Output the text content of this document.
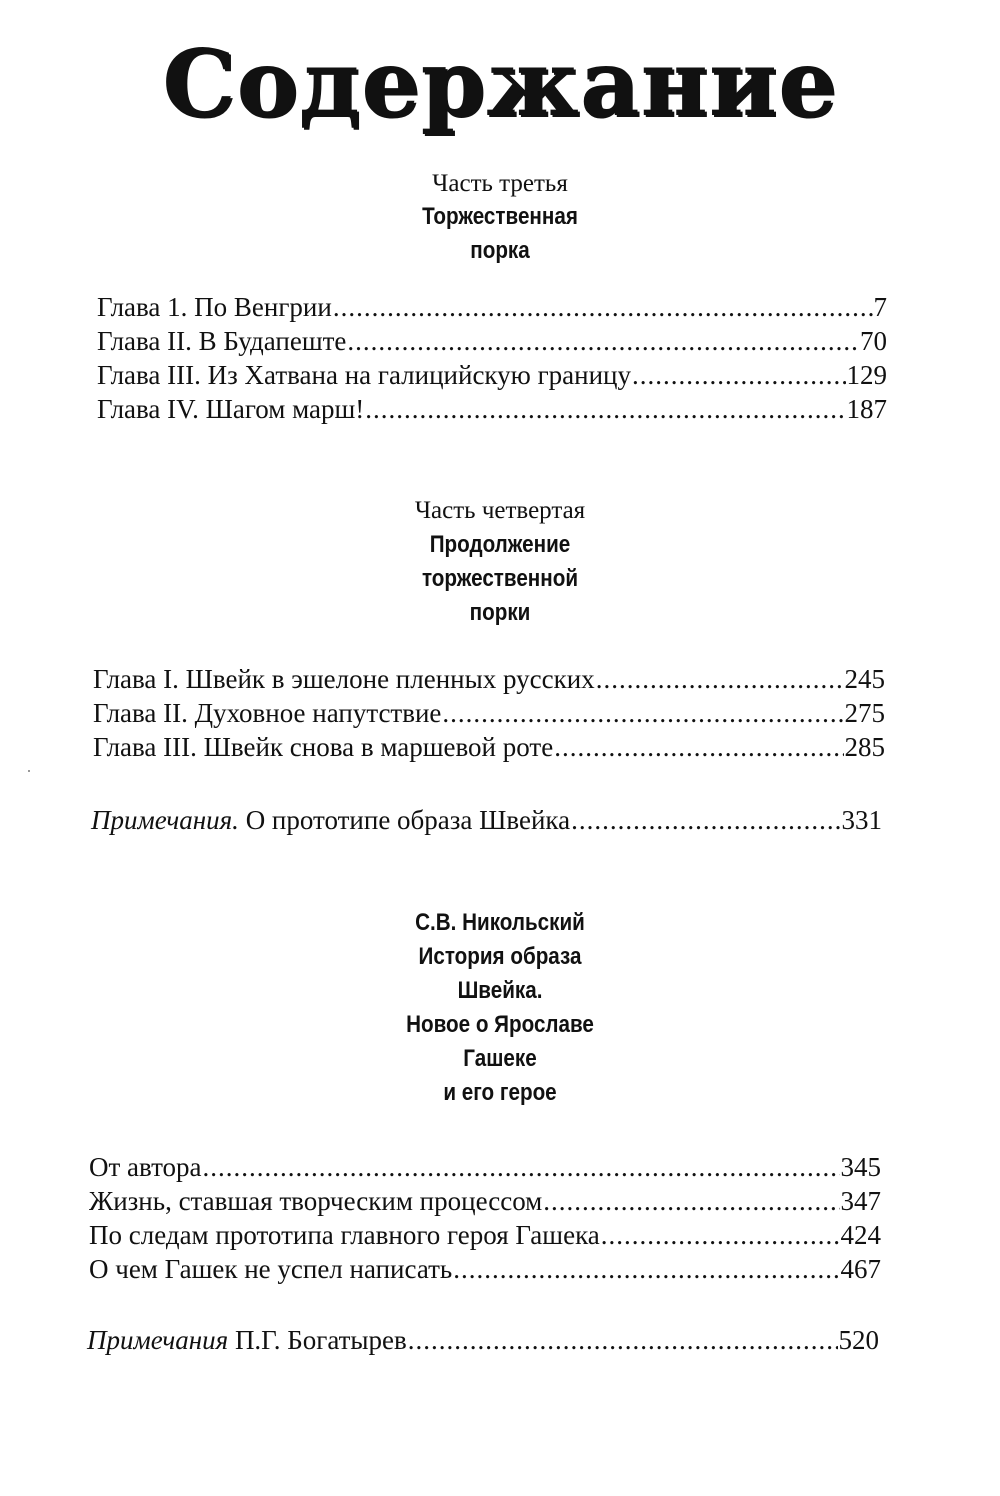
Содержание
Часть третья
Торжественная
порка
Глава 1. По Венгрии .....	7
Глава II. В Будапеште .....	70
Глава III. Из Хатвана на галицийскую границу .....	129
Глава IV. Шагом марш! .....	187
Часть четвертая
Продолжение
торжественной
порки
Глава I. Швейк в эшелоне пленных русских .....	245
Глава II. Духовное напутствие .....	275
Глава III. Швейк снова в маршевой роте .....	285
Примечания. О прототипе образа Швейка .....	331
С.В. Никольский
История образа
Швейка.
Новое о Ярославе
Гашеке
и его герое
От автора .....	345
Жизнь, ставшая творческим процессом .....	347
По следам прототипа главного героя Гашека .....	424
О чем Гашек не успел написать .....	467
Примечания П.Г. Богатырев .....	520
